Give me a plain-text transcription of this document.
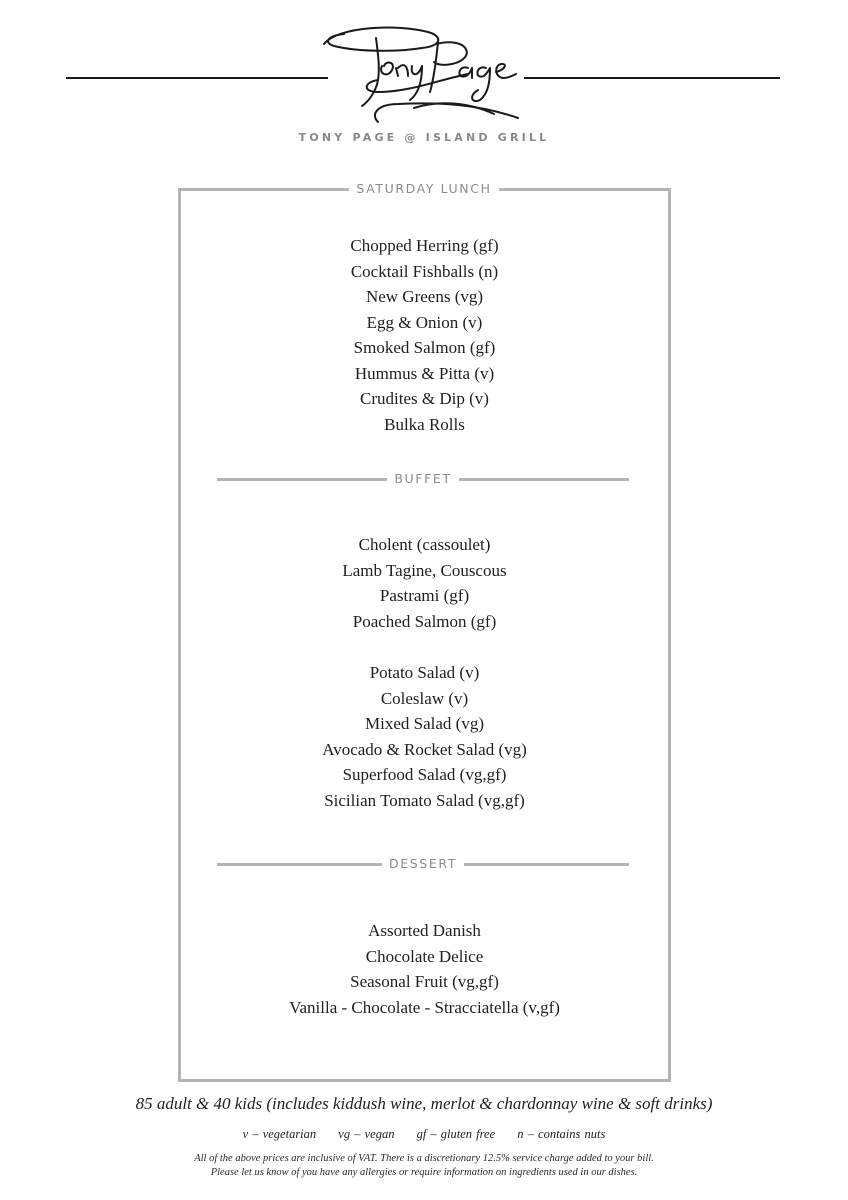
TONY PAGE @ ISLAND GRILL
SATURDAY LUNCH
Chopped Herring (gf)
Cocktail Fishballs (n)
New Greens (vg)
Egg & Onion (v)
Smoked Salmon (gf)
Hummus & Pitta (v)
Crudites & Dip (v)
Bulka Rolls
BUFFET
Cholent (cassoulet)
Lamb Tagine, Couscous
Pastrami (gf)
Poached Salmon (gf)
Potato Salad (v)
Coleslaw (v)
Mixed Salad (vg)
Avocado & Rocket Salad (vg)
Superfood Salad (vg,gf)
Sicilian Tomato Salad (vg,gf)
DESSERT
Assorted Danish
Chocolate Delice
Seasonal Fruit (vg,gf)
Vanilla - Chocolate - Stracciatella (v,gf)
85 adult & 40 kids (includes kiddush wine, merlot & chardonnay wine & soft drinks)
v – vegetarian vg – vegan gf – gluten free n – contains nuts
All of the above prices are inclusive of VAT. There is a discretionary 12.5% service charge added to your bill.
Please let us know of you have any allergies or require information on ingredients used in our dishes.
